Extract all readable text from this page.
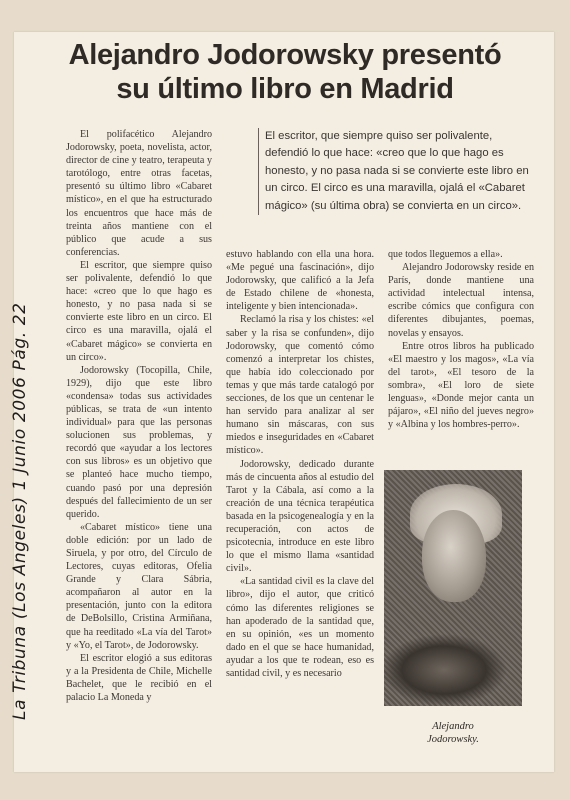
Alejandro Jodorowsky presentó
su último libro en Madrid
La Tribuna (Los Angeles) 1 Junio 2006 Pág. 22
El escritor, que siempre quiso ser polivalente, defendió lo que hace: «creo que lo que hago es honesto, y no pasa nada si se convierte este libro en un circo. El circo es una maravilla, ojalá el «Cabaret mágico» (su última obra) se convierta en un circo».

El polifacético Alejandro Jodorowsky, poeta, novelista, actor, director de cine y teatro, terapeuta y tarotólogo, entre otras facetas, presentó su último libro «Cabaret místico», en el que ha estructurado los encuentros que hace más de treinta años mantiene con el público que acude a sus conferencias.

El escritor, que siempre quiso ser polivalente, defendió lo que hace: «creo que lo que hago es honesto, y no pasa nada si se convierte este libro en un circo. El circo es una maravilla, ojalá el «Cabaret mágico» se convierta en un circo».

Jodorowsky (Tocopilla, Chile, 1929), dijo que este libro «condensa» todas sus actividades públicas, se trata de «un intento individual» para que las personas solucionen sus problemas, y recordó que «ayudar a los lectores con sus libros» es un objetivo que se planteó hace mucho tiempo, cuando pasó por una depresión después del fallecimiento de un ser querido.

«Cabaret místico» tiene una doble edición: por un lado de Siruela, y por otro, del Círculo de Lectores, cuyas editoras, Ofelia Grande y Clara Sábria, acompañaron al autor en la presentación, junto con la editora de DeBolsillo, Cristina Armiñana, que ha reeditado «La vía del Tarot» y «Yo, el Tarot», de Jodorowsky.

El escritor elogió a sus editoras y a la Presidenta de Chile, Michelle Bachelet, que le recibió en el palacio La Moneda y

estuvo hablando con ella una hora. «Me pegué una fascinación», dijo Jodorowsky, que calificó a la Jefa de Estado chilene de «honesta, inteligente y bien intencionada».

Reclamó la risa y los chistes: «el saber y la risa se confunden», dijo Jodorowsky, que comentó cómo comenzó a interpretar los chistes, que había ido coleccionado por temas y que más tarde catalogó por secciones, de los que un centenar le han servido para analizar al ser humano sin máscaras, con sus miedos e inseguridades en «Cabaret místico».

Jodorowsky, dedicado durante más de cincuenta años al estudio del Tarot y la Cábala, así como a la creación de una técnica terapéutica basada en la psicogenealogía y en la recuperación, con actos de psicotecnia, introduce en este libro lo que el mismo llama «santidad civil».

«La santidad civil es la clave del libro», dijo el autor, que criticó cómo las diferentes religiones se han apoderado de la santidad que, en su opinión, «es un momento dado en el que se hace humanidad, ayudar a los que te rodean, eso es santidad civil, y es necesario

que todos lleguemos a ella».

Alejandro Jodorowsky reside en París, donde mantiene una actividad intelectual intensa, escribe cómics que configura con diferentes dibujantes, poemas, novelas y ensayos.

Entre otros libros ha publicado «El maestro y los magos», «La vía del tarot», «El tesoro de la sombra», «El loro de siete lenguas», «Donde mejor canta un pájaro», «El niño del jueves negro» y «Albina y los hombres-perro».

Alejandro
Jodorowsky.
